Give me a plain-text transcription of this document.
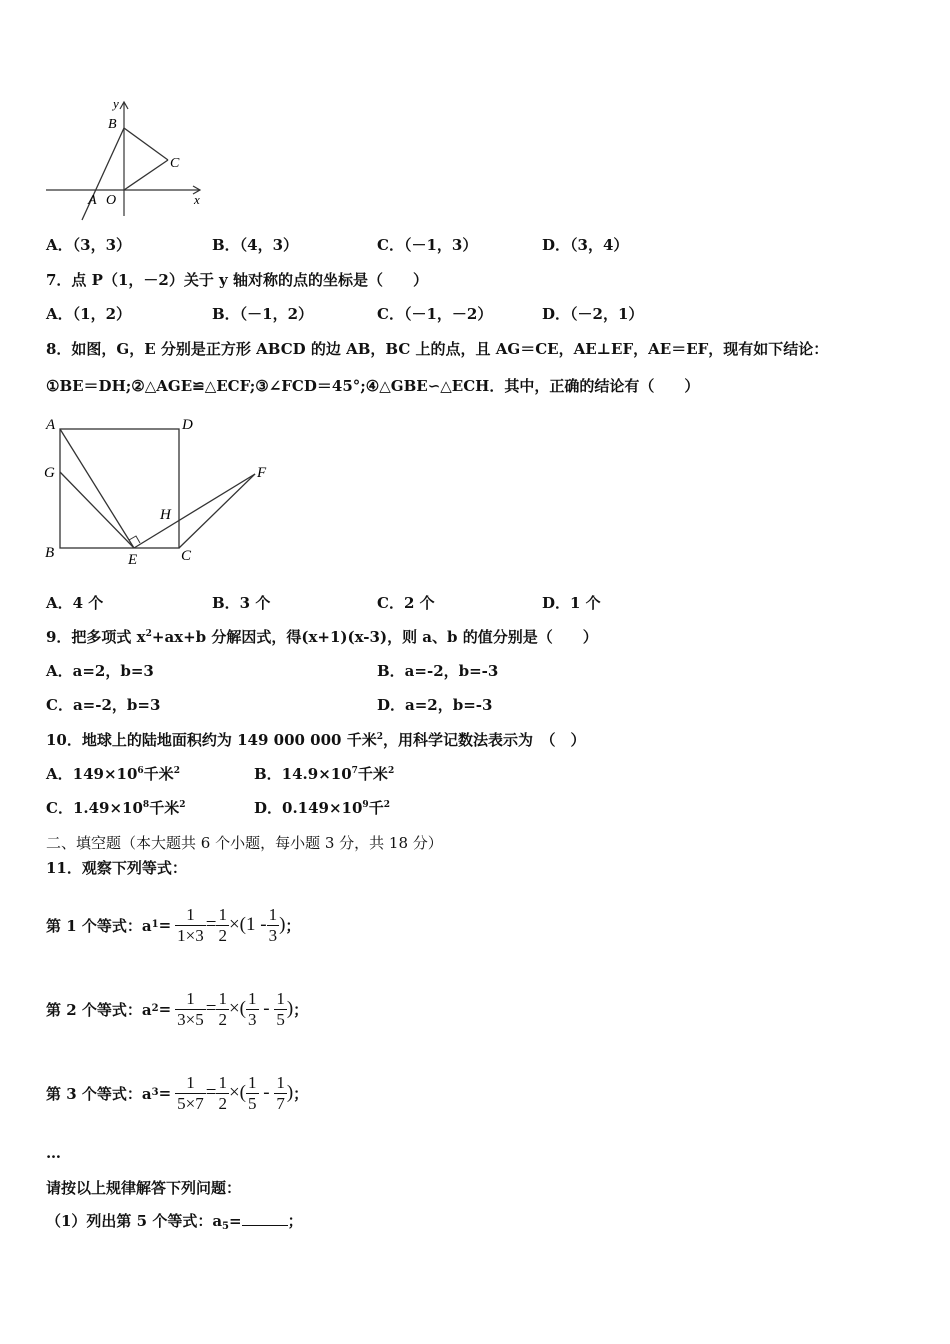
y
B
C
A O	x
A．（3，3）	B．（4，3）	C．（－1，3）	D．（3，4）
7．点 P（1，－2）关于 y 轴对称的点的坐标是（　　）
A．（1，2）	B．（－1，2）	C．（－1，－2）	D．（－2，1）
8．如图，G，E 分别是正方形 ABCD 的边 AB，BC 上的点，且 AG＝CE，AE⊥EF，AE＝EF，现有如下结论：
①BE＝DH;②△AGE≌△ECF;③∠FCD＝45°;④△GBE∽△ECH．其中，正确的结论有（　　）
A	D
G	F
H
B	E	C
A．4 个	B．3 个	C．2 个	D．1 个
9．把多项式 $x^2+ax+b$ 分解因式，得(x+1)(x-3)，则 a、b 的值分别是（　　）
A．a=2，b=3	B．a=-2，b=-3
C．a=-2，b=3	D．a=2，b=-3
10．地球上的陆地面积约为 149 000 000 千米$^2$，用科学记数法表示为　（　）
A．$149\times 10^6$千米$^2$	B．$14.9\times 10^7$千米$^2$
C．$1.49\times 10^8$千米$^2$	D．$0.149\times 10^9$千$^2$
二、填空题（本大题共 6 个小题，每小题 3 分，共 18 分）
11．观察下列等式：
第 1 个等式：a $1 = \frac{1}{1\times 3} = \frac{1}{2} \times(1 - \frac{1}{3}$ ) ；
第 2 个等式：a $2 = \frac{1}{3\times 5} = \frac{1}{2}$ ×( $\frac{1}{3} - \frac{1}{5}$ ) ；
第 3 个等式：a $3 = \frac{1}{5\times 7} = \frac{1}{2}$ ×( $\frac{1}{5} - \frac{1}{7}$ ) ；
…
请按以上规律解答下列问题：
（1）列出第 5 个等式：$a_5=$	；
